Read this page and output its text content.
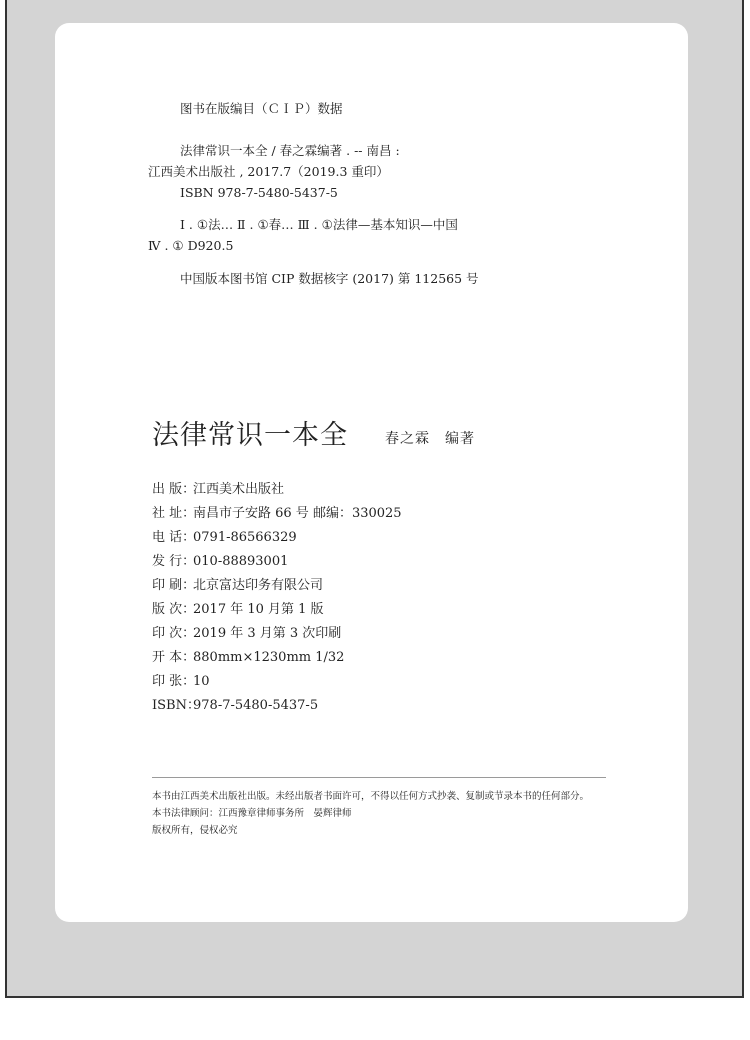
图书在版编目（ＣＩＰ）数据
法律常识一本全 / 春之霖编著 . -- 南昌 :
江西美术出版社 , 2017.7（2019.3 重印）
ISBN 978-7-5480-5437-5
Ⅰ . ①法… Ⅱ . ①春… Ⅲ . ①法律—基本知识—中国
Ⅳ . ① D920.5
中国版本图书馆 CIP 数据核字 (2017) 第 112565 号
法律常识一本全	春之霖　编著
出 版：江西美术出版社
社 址：南昌市子安路 66 号 邮编：330025
电 话：0791-86566329
发 行：010-88893001
印 刷：北京富达印务有限公司
版 次：2017 年 10 月第 1 版
印 次：2019 年 3 月第 3 次印刷
开 本：880mm×1230mm 1/32
印 张：10
ISBN：978-7-5480-5437-5
本书由江西美术出版社出版。未经出版者书面许可，不得以任何方式抄袭、复制或节录本书的任何部分。
本书法律顾问：江西豫章律师事务所　晏辉律师
版权所有，侵权必究
